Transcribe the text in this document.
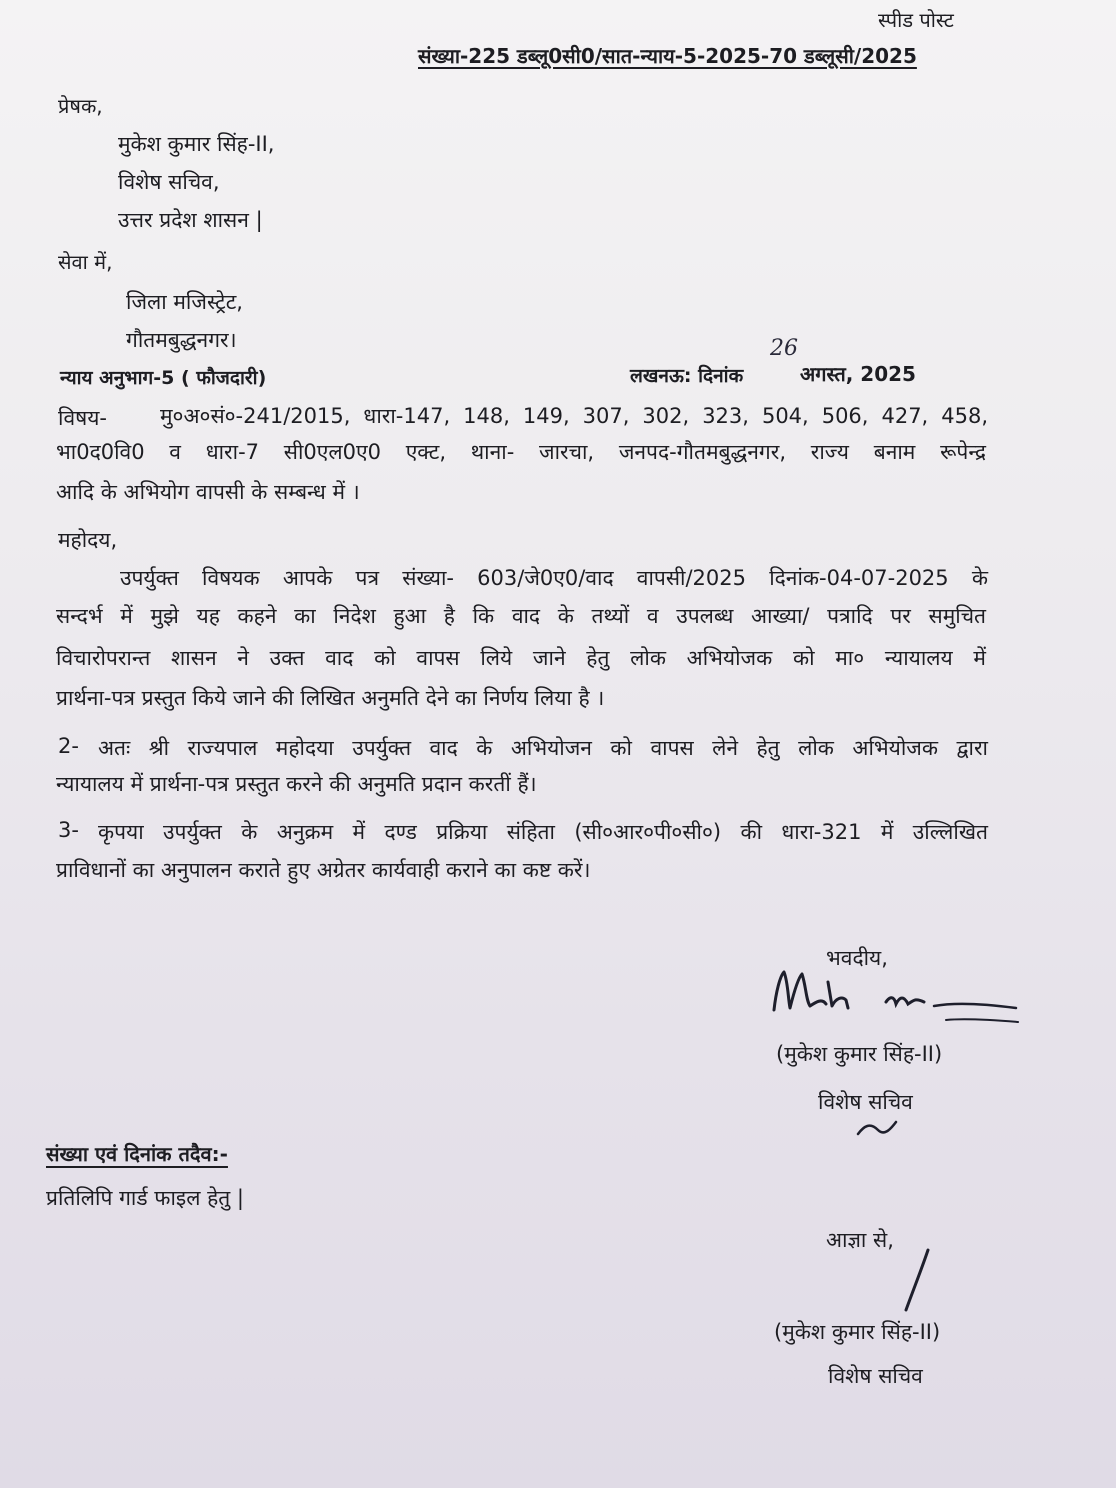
स्पीड पोस्ट
संख्या-225 डब्लू0सी0/सात-न्याय-5-2025-70 डब्लूसी/2025
प्रेषक,
मुकेश कुमार सिंह-II,
विशेष सचिव,
उत्तर प्रदेश शासन |
सेवा में,
जिला मजिस्ट्रेट,
गौतमबुद्धनगर।
न्याय अनुभाग-5 ( फौजदारी)	लखनऊ: दिनांक
26
अगस्त, 2025
विषय-	मु०अ०सं०-241/2015, धारा-147, 148, 149, 307, 302, 323, 504, 506, 427, 458,
भा0द0वि0 व धारा-7 सी0एल0ए0 एक्ट, थाना- जारचा, जनपद-गौतमबुद्धनगर, राज्य बनाम रूपेन्द्र
आदि के अभियोग वापसी के सम्बन्ध में ।
महोदय,
उपर्युक्त विषयक आपके पत्र संख्या- 603/जे0ए0/वाद वापसी/2025 दिनांक-04-07-2025 के
सन्दर्भ में मुझे यह कहने का निदेश हुआ है कि वाद के तथ्यों व उपलब्ध आख्या/ पत्रादि पर समुचित
विचारोपरान्त शासन ने उक्त वाद को वापस लिये जाने हेतु लोक अभियोजक को मा० न्यायालय में
प्रार्थना-पत्र प्रस्तुत किये जाने की लिखित अनुमति देने का निर्णय लिया है ।
2- अतः श्री राज्यपाल महोदया उपर्युक्त वाद के अभियोजन को वापस लेने हेतु लोक अभियोजक द्वारा
न्यायालय में प्रार्थना-पत्र प्रस्तुत करने की अनुमति प्रदान करतीं हैं।
3- कृपया उपर्युक्त के अनुक्रम में दण्ड प्रक्रिया संहिता (सी०आर०पी०सी०) की धारा-321 में उल्लिखित
प्राविधानों का अनुपालन कराते हुए अग्रेतर कार्यवाही कराने का कष्ट करें।
भवदीय,
(मुकेश कुमार सिंह-II)
विशेष सचिव
संख्या एवं दिनांक तदैव:-
प्रतिलिपि गार्ड फाइल हेतु |
आज्ञा से,
(मुकेश कुमार सिंह-II)
विशेष सचिव
